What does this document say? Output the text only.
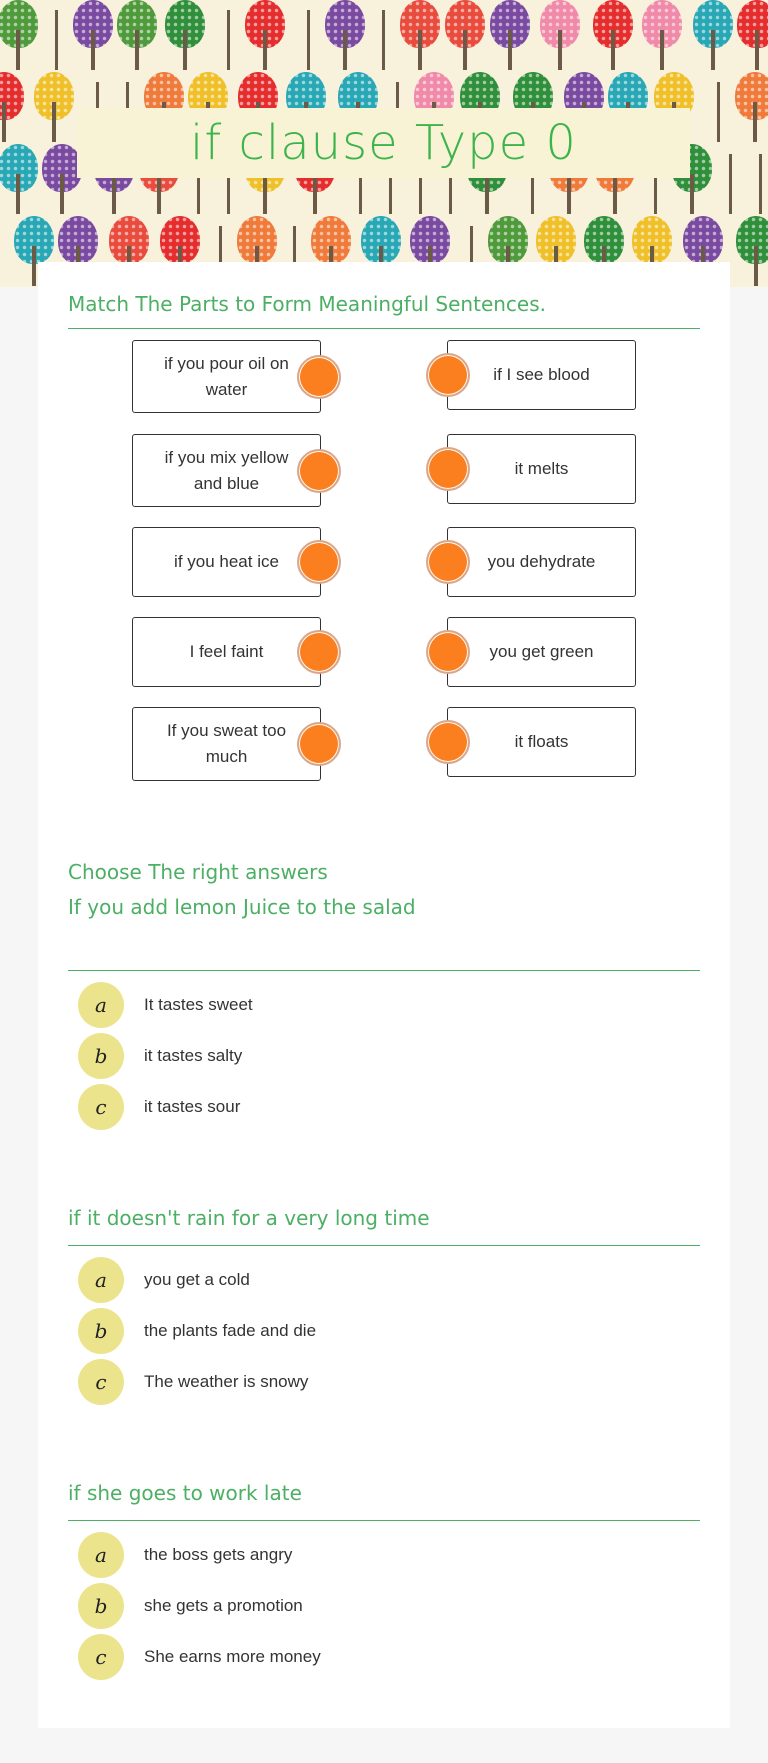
if clause Type 0
Match The Parts to Form Meaningful Sentences.
if you pour oil on water
if I see blood
if you mix yellow and blue
it melts
if you heat ice	you dehydrate
I feel faint	you get green
If you sweat too much
it floats
Choose The right answers
If you add lemon Juice to the salad
a	It tastes sweet
b	it tastes salty
c	it tastes sour
if it doesn't rain for a very long time
a	you get a cold
b	the plants fade and die
c	The weather is snowy
if she goes to work late
a	the boss gets angry
b	she gets a promotion
c	She earns more money
